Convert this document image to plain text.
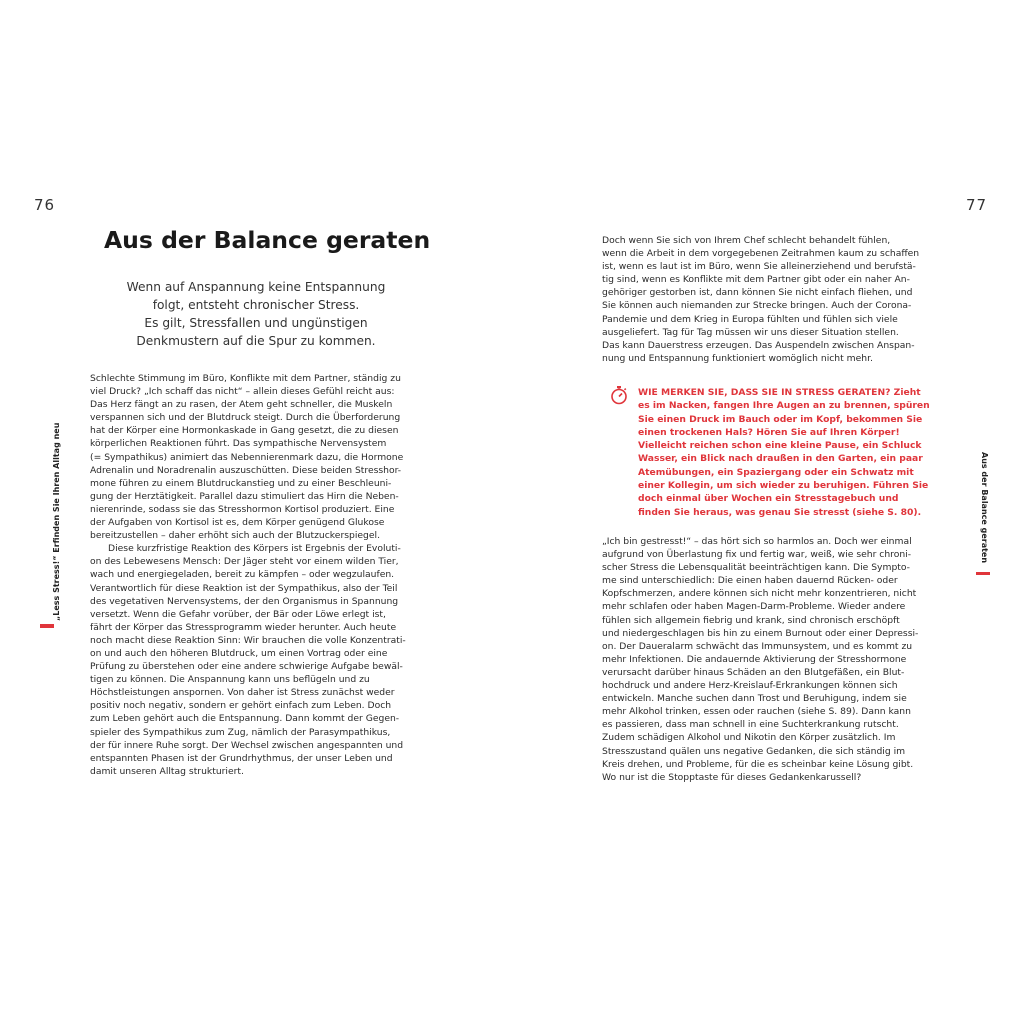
76	77
„Less Stress!“ Erfinden Sie Ihren Alltag neu	Aus der Balance geraten
Aus der Balance geraten
Wenn auf Anspannung keine Entspannung
folgt, entsteht chronischer Stress.
Es gilt, Stressfallen und ungünstigen
Denkmustern auf die Spur zu kommen.
Schlechte Stimmung im Büro, Konflikte mit dem Partner, ständig zu
viel Druck? „Ich schaff das nicht“ – allein dieses Gefühl reicht aus:
Das Herz fängt an zu rasen, der Atem geht schneller, die Muskeln
verspannen sich und der Blutdruck steigt. Durch die Überforderung
hat der Körper eine Hormonkaskade in Gang gesetzt, die zu diesen
körperlichen Reaktionen führt. Das sympathische Nervensystem
(= Sympathikus) animiert das Nebennierenmark dazu, die Hormone
Adrenalin und Noradrenalin auszuschütten. Diese beiden Stresshor-
mone führen zu einem Blutdruckanstieg und zu einer Beschleuni-
gung der Herztätigkeit. Parallel dazu stimuliert das Hirn die Neben-
nierenrinde, sodass sie das Stresshormon Kortisol produziert. Eine
der Aufgaben von Kortisol ist es, dem Körper genügend Glukose
bereitzustellen – daher erhöht sich auch der Blutzuckerspiegel.
Diese kurzfristige Reaktion des Körpers ist Ergebnis der Evoluti-
on des Lebewesens Mensch: Der Jäger steht vor einem wilden Tier,
wach und energiegeladen, bereit zu kämpfen – oder wegzulaufen.
Verantwortlich für diese Reaktion ist der Sympathikus, also der Teil
des vegetativen Nervensystems, der den Organismus in Spannung
versetzt. Wenn die Gefahr vorüber, der Bär oder Löwe erlegt ist,
fährt der Körper das Stressprogramm wieder herunter. Auch heute
noch macht diese Reaktion Sinn: Wir brauchen die volle Konzentrati-
on und auch den höheren Blutdruck, um einen Vortrag oder eine
Prüfung zu überstehen oder eine andere schwierige Aufgabe bewäl-
tigen zu können. Die Anspannung kann uns beflügeln und zu
Höchstleistungen anspornen. Von daher ist Stress zunächst weder
positiv noch negativ, sondern er gehört einfach zum Leben. Doch
zum Leben gehört auch die Entspannung. Dann kommt der Gegen-
spieler des Sympathikus zum Zug, nämlich der Parasympathikus,
der für innere Ruhe sorgt. Der Wechsel zwischen angespannten und
entspannten Phasen ist der Grundrhythmus, der unser Leben und
damit unseren Alltag strukturiert.
Doch wenn Sie sich von Ihrem Chef schlecht behandelt fühlen,
wenn die Arbeit in dem vorgegebenen Zeitrahmen kaum zu schaffen
ist, wenn es laut ist im Büro, wenn Sie alleinerziehend und berufstä-
tig sind, wenn es Konflikte mit dem Partner gibt oder ein naher An-
gehöriger gestorben ist, dann können Sie nicht einfach fliehen, und
Sie können auch niemanden zur Strecke bringen. Auch der Corona-
Pandemie und dem Krieg in Europa fühlten und fühlen sich viele
ausgeliefert. Tag für Tag müssen wir uns dieser Situation stellen.
Das kann Dauerstress erzeugen. Das Auspendeln zwischen Anspan-
nung und Entspannung funktioniert womöglich nicht mehr.
WIE MERKEN SIE, DASS SIE IN STRESS GERATEN? Zieht
es im Nacken, fangen Ihre Augen an zu brennen, spüren
Sie einen Druck im Bauch oder im Kopf, bekommen Sie
einen trockenen Hals? Hören Sie auf Ihren Körper!
Vielleicht reichen schon eine kleine Pause, ein Schluck
Wasser, ein Blick nach draußen in den Garten, ein paar
Atemübungen, ein Spaziergang oder ein Schwatz mit
einer Kollegin, um sich wieder zu beruhigen. Führen Sie
doch einmal über Wochen ein Stresstagebuch und
finden Sie heraus, was genau Sie stresst (siehe S. 80).
„Ich bin gestresst!“ – das hört sich so harmlos an. Doch wer einmal
aufgrund von Überlastung fix und fertig war, weiß, wie sehr chroni-
scher Stress die Lebensqualität beeinträchtigen kann. Die Sympto-
me sind unterschiedlich: Die einen haben dauernd Rücken- oder
Kopfschmerzen, andere können sich nicht mehr konzentrieren, nicht
mehr schlafen oder haben Magen-Darm-Probleme. Wieder andere
fühlen sich allgemein fiebrig und krank, sind chronisch erschöpft
und niedergeschlagen bis hin zu einem Burnout oder einer Depressi-
on. Der Daueralarm schwächt das Immunsystem, und es kommt zu
mehr Infektionen. Die andauernde Aktivierung der Stresshormone
verursacht darüber hinaus Schäden an den Blutgefäßen, ein Blut-
hochdruck und andere Herz-Kreislauf-Erkrankungen können sich
entwickeln. Manche suchen dann Trost und Beruhigung, indem sie
mehr Alkohol trinken, essen oder rauchen (siehe S. 89). Dann kann
es passieren, dass man schnell in eine Suchterkrankung rutscht.
Zudem schädigen Alkohol und Nikotin den Körper zusätzlich. Im
Stresszustand quälen uns negative Gedanken, die sich ständig im
Kreis drehen, und Probleme, für die es scheinbar keine Lösung gibt.
Wo nur ist die Stopptaste für dieses Gedankenkarussell?
